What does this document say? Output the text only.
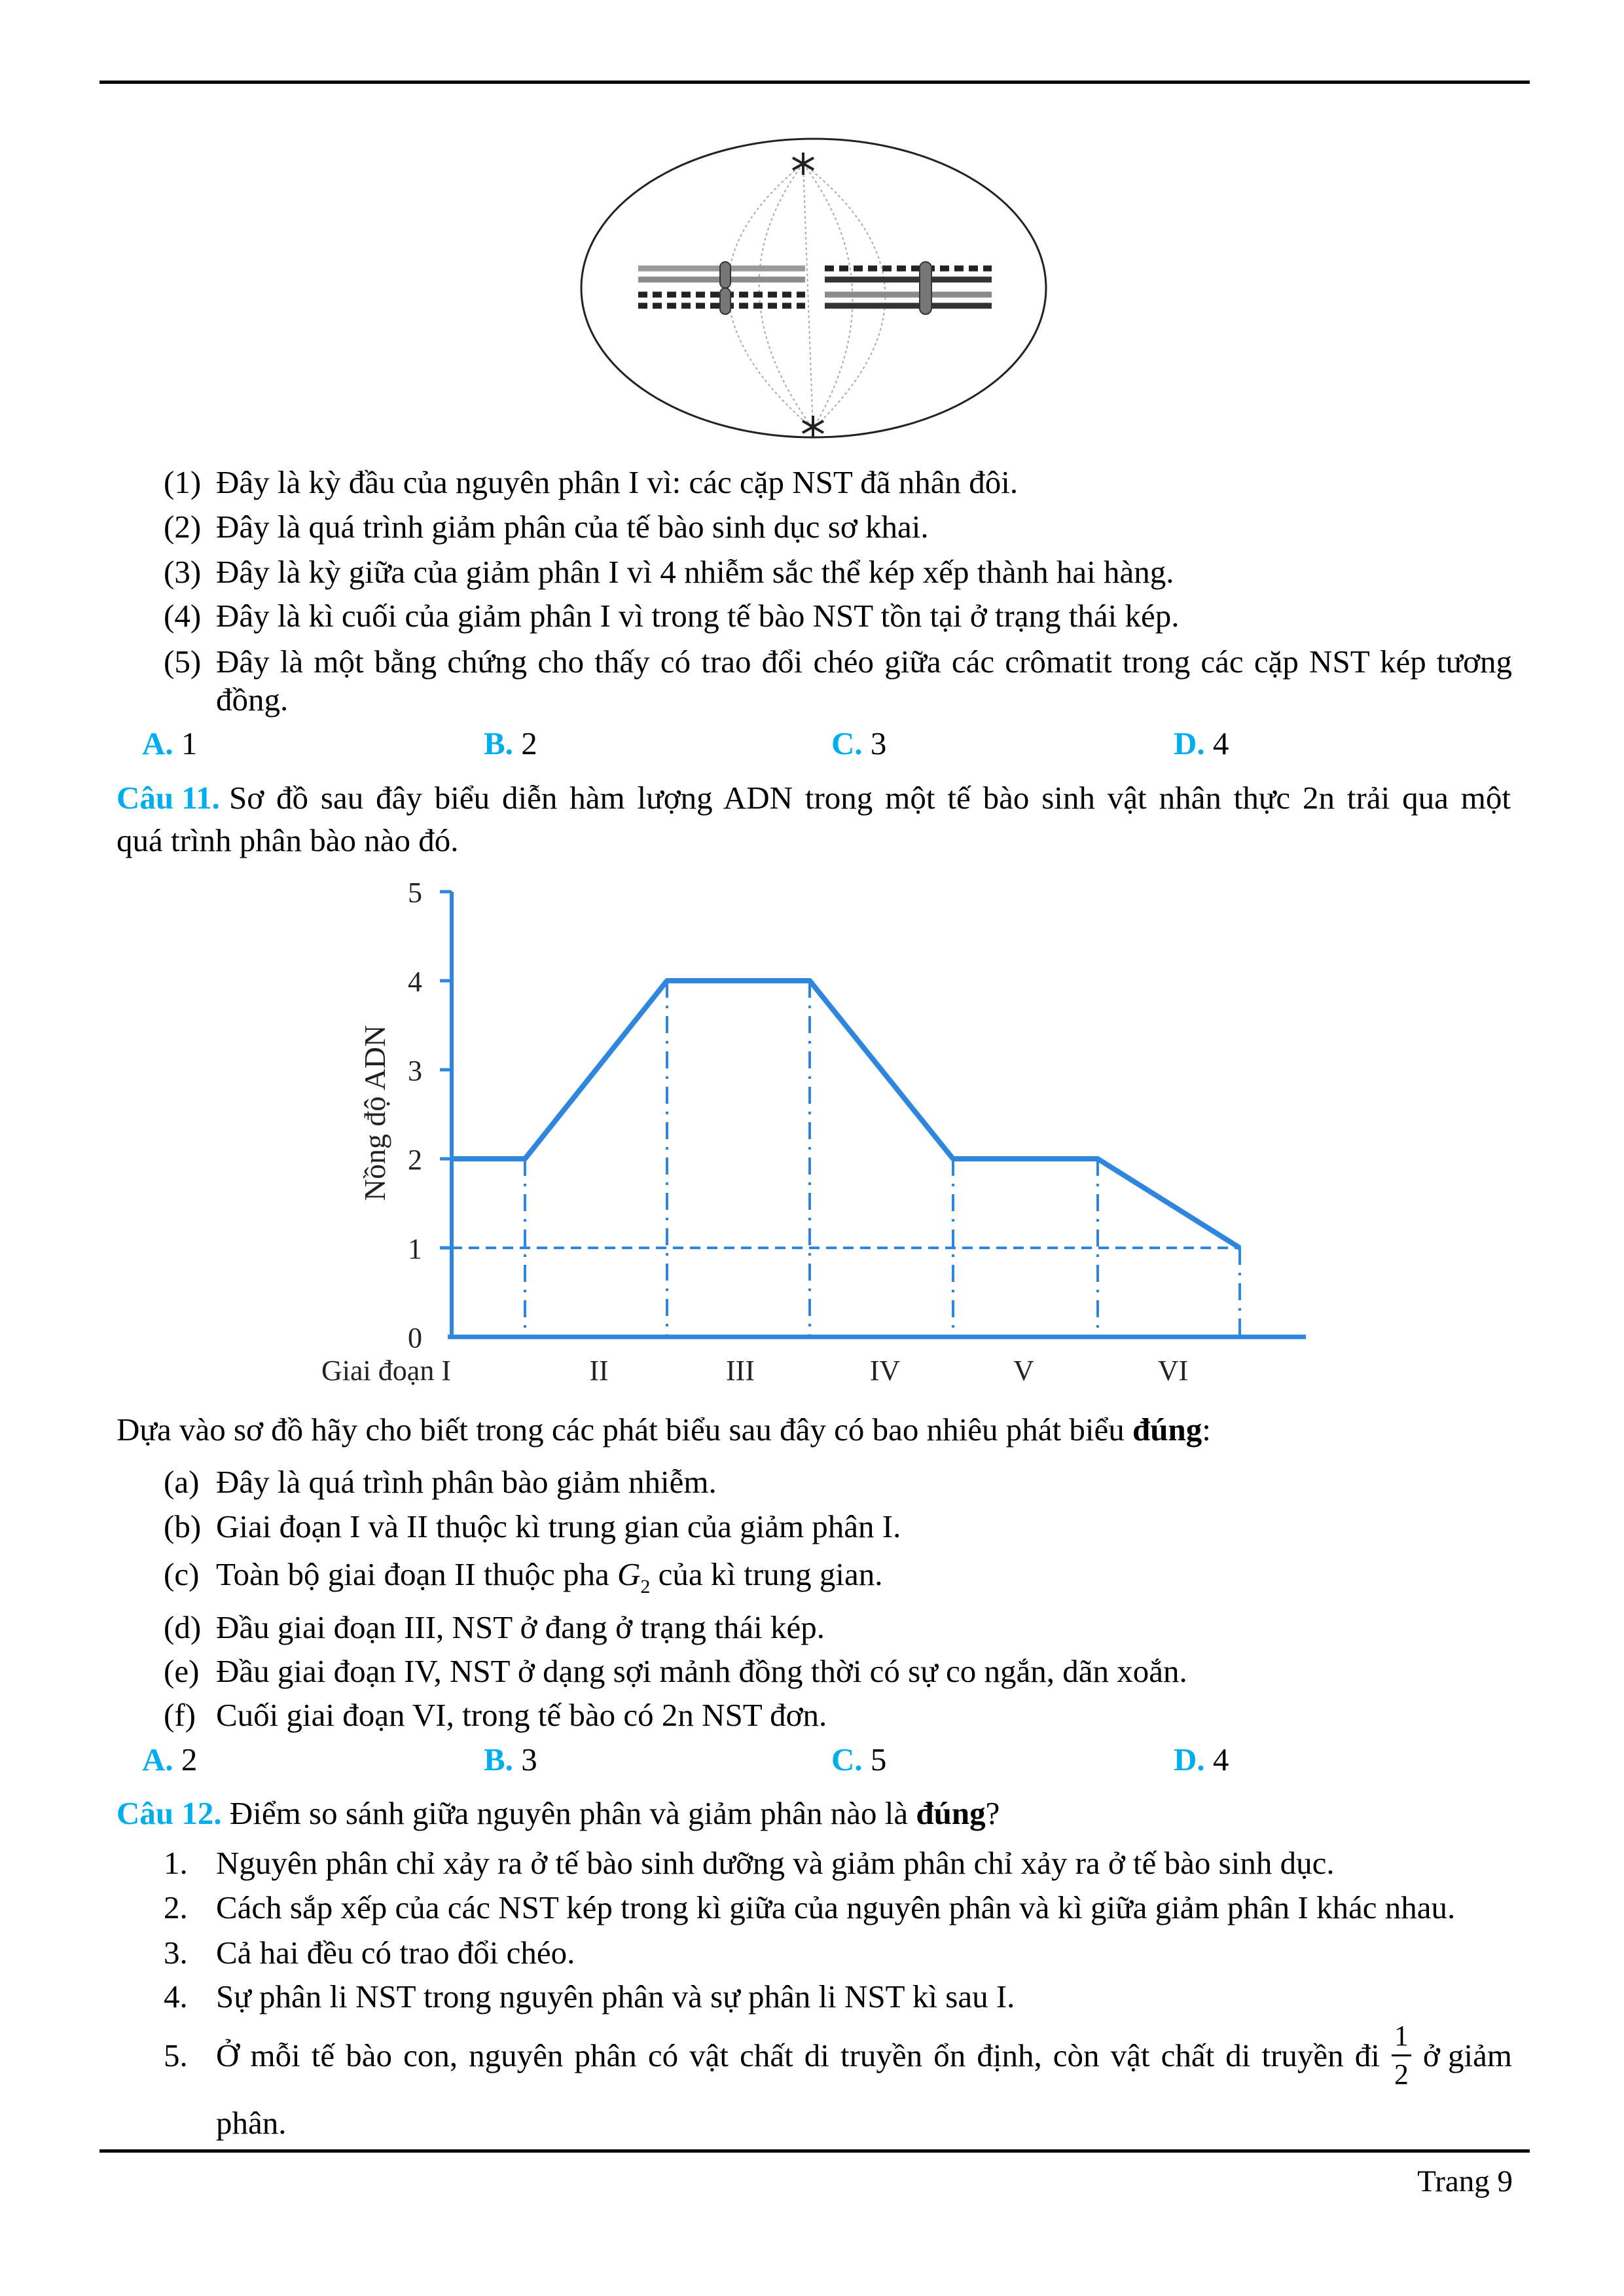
(1) Đây là kỳ đầu của nguyên phân I vì: các cặp NST đã nhân đôi.
(2) Đây là quá trình giảm phân của tế bào sinh dục sơ khai.
(3) Đây là kỳ giữa của giảm phân I vì 4 nhiễm sắc thể kép xếp thành hai hàng.
(4) Đây là kì cuối của giảm phân I vì trong tế bào NST tồn tại ở trạng thái kép.
(5) Đây là một bằng chứng cho thấy có trao đổi chéo giữa các crômatit trong các cặp NST kép tương
đồng.
A. 1	B. 2	C. 3	D. 4
Câu 11. Sơ đồ sau đây biểu diễn hàm lượng ADN trong một tế bào sinh vật nhân thực 2n trải qua một
quá trình phân bào nào đó.
5
4
3
2
1
0
Nồng độ ADN
Giai đoạn I	II	III	IV	V	VI
Dựa vào sơ đồ hãy cho biết trong các phát biểu sau đây có bao nhiêu phát biểu đúng:
(a) Đây là quá trình phân bào giảm nhiễm.
(b) Giai đoạn I và II thuộc kì trung gian của giảm phân I.
(c) Toàn bộ giai đoạn II thuộc pha $G_2$ của kì trung gian.
(d) Đầu giai đoạn III, NST ở đang ở trạng thái kép.
(e) Đầu giai đoạn IV, NST ở dạng sợi mảnh đồng thời có sự co ngắn, dãn xoắn.
(f) Cuối giai đoạn VI, trong tế bào có 2n NST đơn.
A. 2	B. 3	C. 5	D. 4
Câu 12. Điểm so sánh giữa nguyên phân và giảm phân nào là đúng?
1. Nguyên phân chỉ xảy ra ở tế bào sinh dưỡng và giảm phân chỉ xảy ra ở tế bào sinh dục.
2. Cách sắp xếp của các NST kép trong kì giữa của nguyên phân và kì giữa giảm phân I khác nhau.
3. Cả hai đều có trao đổi chéo.
4. Sự phân li NST trong nguyên phân và sự phân li NST kì sau I.
5. Ở mỗi tế bào con, nguyên phân có vật chất di truyền ổn định, còn vật chất di truyền đi $\frac{1}{2}$ ở giảm
phân.
Trang 9
